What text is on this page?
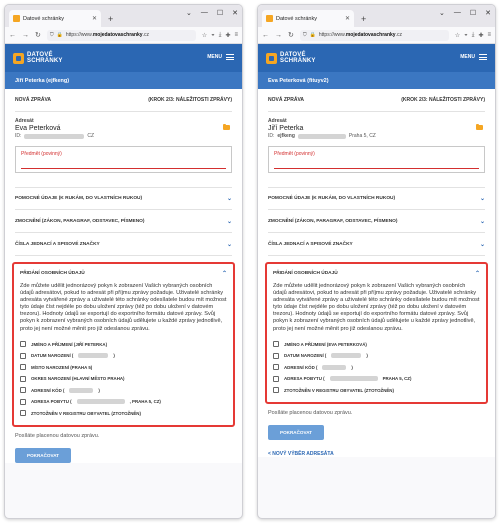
Datové schránky	✕ +
⌄ — ☐ ✕
← → ↻ ⛉ 🔒 https://www.mojedatovaschranky.cz	☆ ◒ ⤓ ✚ ≡
DATOVÉ
SCHRÁNKY
MENU
Jiří Peterka (ejfkeng)
NOVÁ ZPRÁVA	(KROK 2/3: NÁLEŽITOSTI ZPRÁVY)
Adresát
Eva Peterková
ID:	CZ
Předmět (povinný)
POMOCNÉ ÚDAJE (K RUKÁM, DO VLASTNÍCH RUKOU)	⌄
ZMOCNĚNÍ (ZÁKON, PARAGRAF, ODSTAVEC, PÍSMENO)	⌄
ČÍSLA JEDNACÍ A SPISOVÉ ZNAČKY	⌄
PŘIDÁNÍ OSOBNÍCH ÚDAJŮ	⌃
Zde můžete udělit jednorázový pokyn k zobrazení Vašich vybraných osobních údajů adresátovi, pokud to adresát při příjmu zprávy požaduje. Uživatelé schránky adresáta vytvářené zprávy a uživatelé této schránky odesílatele budou mít možnost tyto údaje číst nejdéle po dobu uložení zprávy (též po dobu uložení v datovém trezoru). Hodnoty údajů se exportují do exportního formátu datové zprávy. Svůj pokyn k zobrazení vybraných osobních údajů udělujete u každé zprávy jednotlivě, proto jej není možné měnit pro již odeslanou zprávu.
JMÉNO A PŘÍJMENÍ (JIŘÍ PETERKA)
DATUM NAROZENÍ (	)
MÍSTO NAROZENÍ (PRAHA 5)
OKRES NAROZENÍ (HLAVNÍ MĚSTO PRAHA)
ADRESNÍ KÓD (	)
ADRESA POBYTU (	, PRAHA 5, CZ)
ZTOTOŽNĚN V REGISTRU OBYVATEL (ZTOTOŽNĚN)
Posíláte placenou datovou zprávu.
POKRAČOVAT
Datové schránky	✕ +
⌄ — ☐ ✕
← → ↻ ⛉ 🔒 https://www.mojedatovaschranky.cz	☆ ◒ ⤓ ✚ ≡
DATOVÉ
SCHRÁNKY
MENU
Eva Peterková (fituyv2)
NOVÁ ZPRÁVA	(KROK 2/3: NÁLEŽITOSTI ZPRÁVY)
Adresát
Jiří Peterka
ID: ejfkeng	Praha 5, CZ
Předmět (povinný)
POMOCNÉ ÚDAJE (K RUKÁM, DO VLASTNÍCH RUKOU)	⌄
ZMOCNĚNÍ (ZÁKON, PARAGRAF, ODSTAVEC, PÍSMENO)	⌄
ČÍSLA JEDNACÍ A SPISOVÉ ZNAČKY	⌄
PŘIDÁNÍ OSOBNÍCH ÚDAJŮ	⌃
Zde můžete udělit jednorázový pokyn k zobrazení Vašich vybraných osobních údajů adresátovi, pokud to adresát při příjmu zprávy požaduje. Uživatelé schránky adresáta vytvářené zprávy a uživatelé této schránky odesílatele budou mít možnost tyto údaje číst nejdéle po dobu uložení zprávy (též po dobu uložení v datovém trezoru). Hodnoty údajů se exportují do exportního formátu datové zprávy. Svůj pokyn k zobrazení vybraných osobních údajů udělujete u každé zprávy jednotlivě, proto jej není možné měnit pro již odeslanou zprávu.
JMÉNO A PŘÍJMENÍ (EVA PETERKOVÁ)
DATUM NAROZENÍ (	)
ADRESNÍ KÓD (	)
ADRESA POBYTU (	PRAHA 5, CZ)
ZTOTOŽNĚN V REGISTRU OBYVATEL (ZTOTOŽNĚN)
Posíláte placenou datovou zprávu.
POKRAČOVAT
< NOVÝ VÝBĚR ADRESÁTA
